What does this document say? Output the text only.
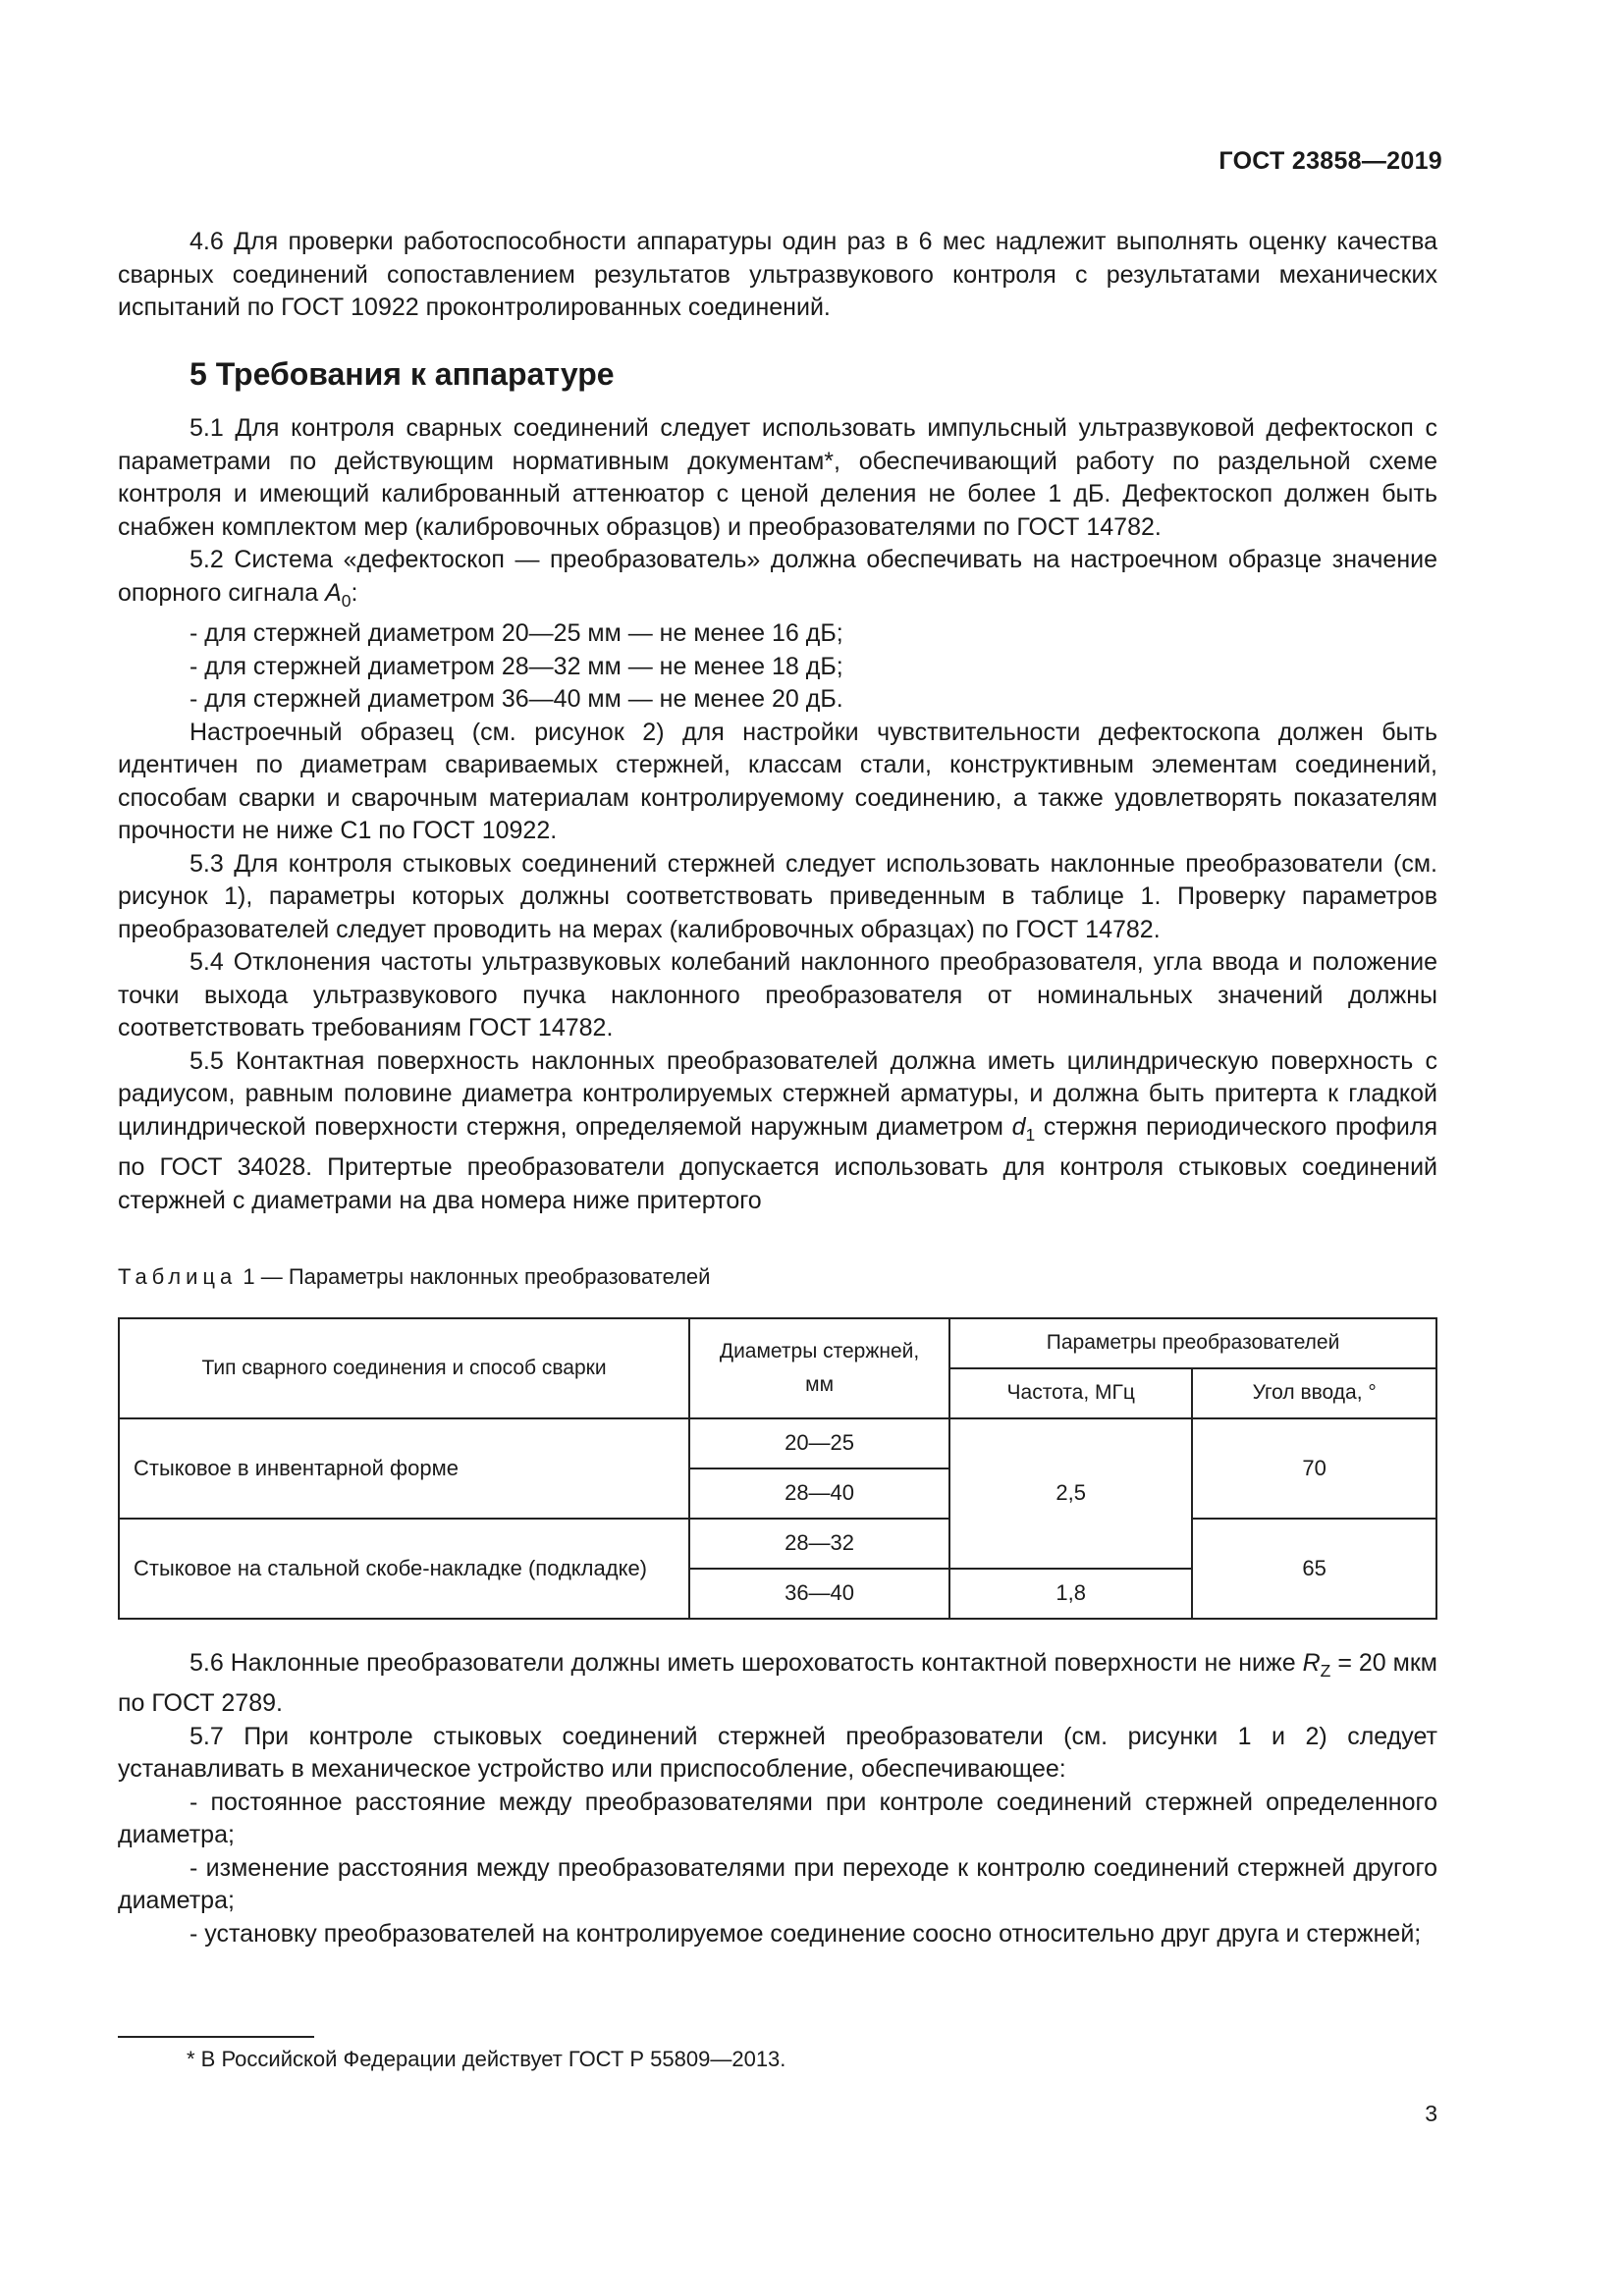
ГОСТ 23858—2019

4.6 Для проверки работоспособности аппаратуры один раз в 6 мес надлежит выполнять оценку качества сварных соединений сопоставлением результатов ультразвукового контроля с результатами механических испытаний по ГОСТ 10922 проконтролированных соединений.

5 Требования к аппаратуре

5.1 Для контроля сварных соединений следует использовать импульсный ультразвуковой дефектоскоп с параметрами по действующим нормативным документам*, обеспечивающий работу по раздельной схеме контроля и имеющий калиброванный аттенюатор с ценой деления не более 1 дБ. Дефектоскоп должен быть снабжен комплектом мер (калибровочных образцов) и преобразователями по ГОСТ 14782.

5.2 Система «дефектоскоп — преобразователь» должна обеспечивать на настроечном образце значение опорного сигнала $A_0$:

- для стержней диаметром 20—25 мм — не менее 16 дБ;

- для стержней диаметром 28—32 мм — не менее 18 дБ;

- для стержней диаметром 36—40 мм — не менее 20 дБ.

Настроечный образец (см. рисунок 2) для настройки чувствительности дефектоскопа должен быть идентичен по диаметрам свариваемых стержней, классам стали, конструктивным элементам соединений, способам сварки и сварочным материалам контролируемому соединению, а также удовлетворять показателям прочности не ниже С1 по ГОСТ 10922.

5.3 Для контроля стыковых соединений стержней следует использовать наклонные преобразователи (см. рисунок 1), параметры которых должны соответствовать приведенным в таблице 1. Проверку параметров преобразователей следует проводить на мерах (калибровочных образцах) по ГОСТ 14782.

5.4 Отклонения частоты ультразвуковых колебаний наклонного преобразователя, угла ввода и положение точки выхода ультразвукового пучка наклонного преобразователя от номинальных значений должны соответствовать требованиям ГОСТ 14782.

5.5 Контактная поверхность наклонных преобразователей должна иметь цилиндрическую поверхность с радиусом, равным половине диаметра контролируемых стержней арматуры, и должна быть притерта к гладкой цилиндрической поверхности стержня, определяемой наружным диаметром $d_1$ стержня периодического профиля по ГОСТ 34028. Притертые преобразователи допускается использовать для контроля стыковых соединений стержней с диаметрами на два номера ниже притертого

Таблица 1 — Параметры наклонных преобразователей
Тип сварного соединения и способ сварки	Диаметры стержней, мм	Параметры преобразователей	
		Частота, МГц	Угол ввода, °
Стыковое в инвентарной форме	20—25	2,5	70
	28—40		
Стыковое на стальной скобе-накладке (подкладке)	28—32		65
	36—40	1,8	

5.6 Наклонные преобразователи должны иметь шероховатость контактной поверхности не ниже $R_Z = 20$ мкм по ГОСТ 2789.

5.7 При контроле стыковых соединений стержней преобразователи (см. рисунки 1 и 2) следует устанавливать в механическое устройство или приспособление, обеспечивающее:

- постоянное расстояние между преобразователями при контроле соединений стержней определенного диаметра;

- изменение расстояния между преобразователями при переходе к контролю соединений стержней другого диаметра;

- установку преобразователей на контролируемое соединение соосно относительно друг друга и стержней;

* В Российской Федерации действует ГОСТ Р 55809—2013.
3
